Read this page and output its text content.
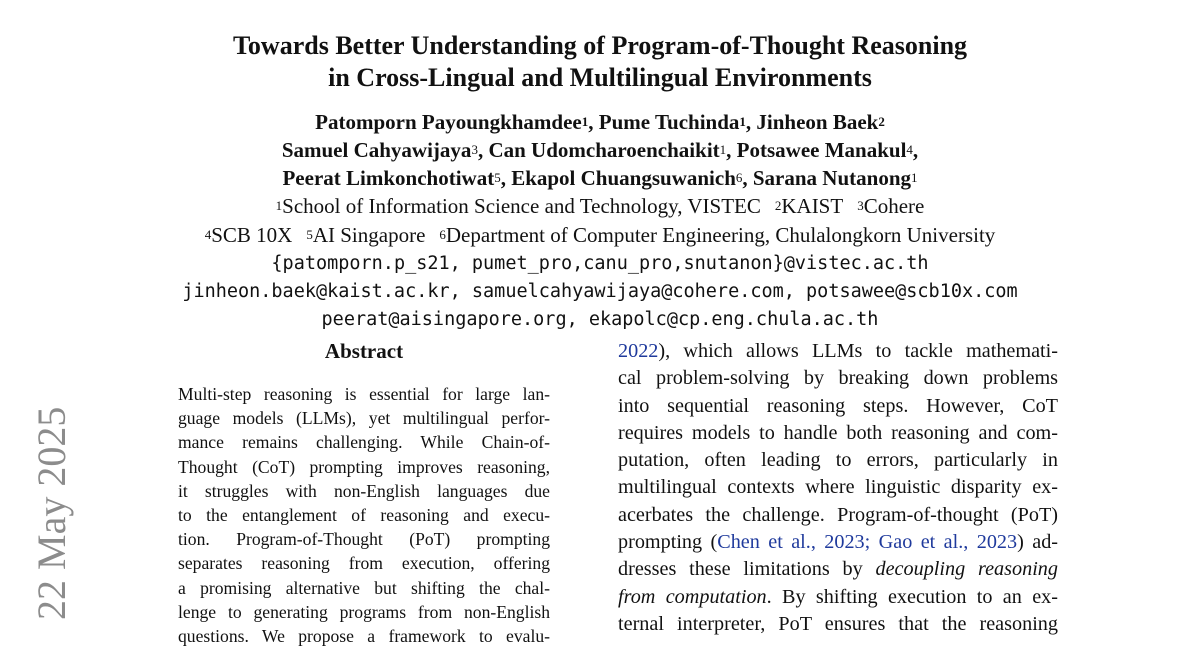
Towards Better Understanding of Program-of-Thought Reasoning
in Cross-Lingual and Multilingual Environments
Patomporn Payoungkhamdee$^1$, Pume Tuchinda$^1$, Jinheon Baek$^2$
Samuel Cahyawijaya$^3$, Can Udomcharoenchaikit$^1$, Potsawee Manakul$^4$,
Peerat Limkonchotiwat$^5$, Ekapol Chuangsuwanich$^6$, Sarana Nutanong$^1$
$^1$School of Information Science and Technology, VISTEC $^2$KAIST $^3$Cohere
$^4$SCB 10X $^5$AI Singapore $^6$Department of Computer Engineering, Chulalongkorn University
{patomporn.p_s21, pumet_pro,canu_pro,snutanon}@vistec.ac.th
jinheon.baek@kaist.ac.kr, samuelcahyawijaya@cohere.com, potsawee@scb10x.com
peerat@aisingapore.org, ekapolc@cp.eng.chula.ac.th
Abstract
Multi-step reasoning is essential for large lan-
guage models (LLMs), yet multilingual perfor-
mance remains challenging. While Chain-of-
Thought (CoT) prompting improves reasoning,
it struggles with non-English languages due
to the entanglement of reasoning and execu-
tion. Program-of-Thought (PoT) prompting
separates reasoning from execution, offering
a promising alternative but shifting the chal-
lenge to generating programs from non-English
questions. We propose a framework to evalu-
2022), which allows LLMs to tackle mathemati-
cal problem-solving by breaking down problems
into sequential reasoning steps. However, CoT
requires models to handle both reasoning and com-
putation, often leading to errors, particularly in
multilingual contexts where linguistic disparity ex-
acerbates the challenge. Program-of-thought (PoT)
prompting (Chen et al., 2023; Gao et al., 2023) ad-
dresses these limitations by decoupling reasoning
from computation. By shifting execution to an ex-
ternal interpreter, PoT ensures that the reasoning
22 May 2025
